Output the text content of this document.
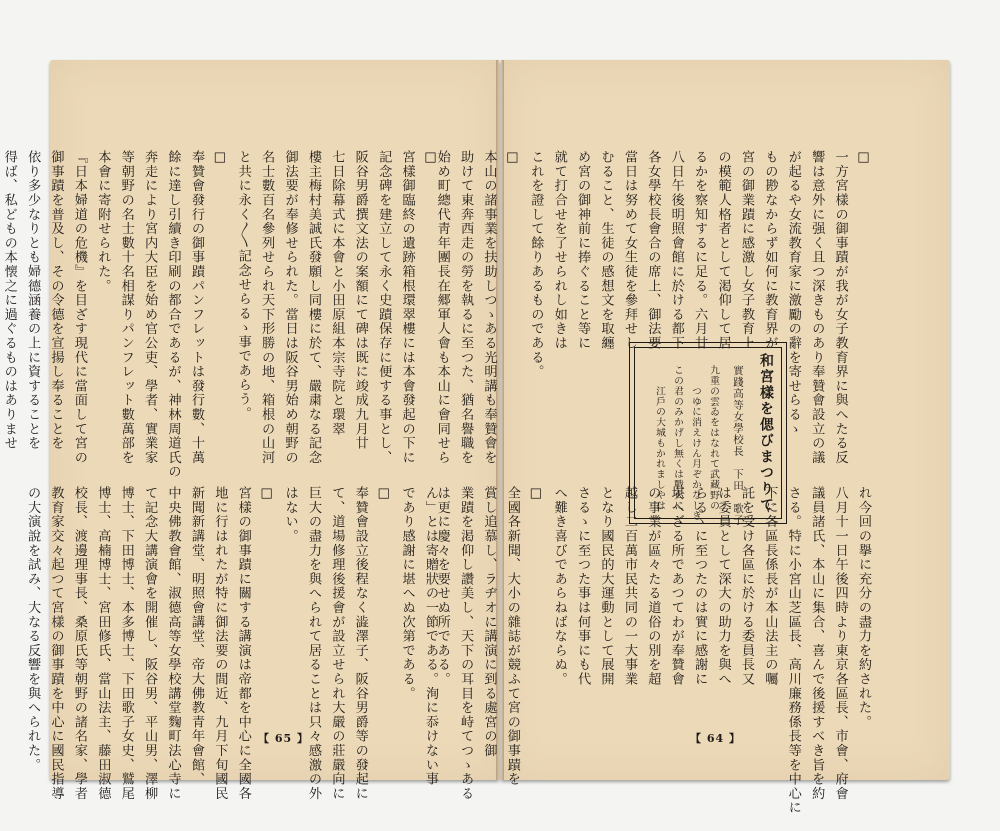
□
宮樣御臨終の遺跡箱根環翠樓には本會發起の下に
記念碑を建立して永く史蹟保存に便する事とし、
阪谷男爵撰文法の案額にて碑は既に竣成九月廿
七日除幕式に本會と小田原組本宗寺院と環翠
樓主梅村美誠氏發願し同樓に於て、嚴粛なる記念
御法要が奉修せられた。當日は阪谷男始め朝野の
名士數百名參列せられ天下形勝の地、箱根の山河
と共に永く〳〵記念せらるゝ事であらう。
□
奉贊會發行の御事蹟パンフレットは發行數、十萬
餘に達し引續き印刷の都合であるが、神林周道氏の
奔走により宮内大臣を始め官公吏、學者、實業家
等朝野の名士數十名相謀りパンフレット數萬部を
本會に寄附せられた。
『日本婦道の危機』を目ざす現代に當面して宮の
御事蹟を普及し、その令德を宣揚し奉ることを
依り多少なりとも婦德涵養の上に資することを
得ば、私どもの本懐之に過ぐるものはありませ
ん」とは寄贈狀の一節である。洵に忝けない事
であり感謝に堪へぬ次第である。
□
奉贊會設立後程なく澁澤子、阪谷男爵等の發起に
て、道場修理後援會が設立せられ大嚴の莊嚴向に
巨大の盡力を與へられて居ることは只々感激の外
はない。
□
宮樣の御事蹟に關する講演は帝都を中心に全國各
地に行はれたが特に御法要の間近、九月下旬國民
新聞新講堂、明照會講堂、帝大佛教青年會館、
中央佛教會館、淑德高等女學校講堂麴町法心寺に
て記念大講演會を開催し、阪谷男、平山男、澤柳
博士、下田博士、本多博士、下田歌子女史、鷲尾
博士、高楠博士、宮田修氏、當山法主、藤田淑德
校長、渡邊理事長、桑原氏等朝野の諸名家、學者
教育家交々起つて宮樣の御事蹟を中心に國民指導
の大演說を試み、大なる反響を與へられた。	【 65 】
□
一方宮樣の御事蹟が我が女子教育界に與へたる反
響は意外に强く且つ深きものあり奉贊會設立の議
が起るや女流教育家に激勵の辭を寄せらるゝ
もの尠なからず如何に教育界が
宮の御業蹟に感激し女子教育上
の模範人格者として渇仰して居
るかを察知するに足る。六月廿
八日午後明照會館に於ける都下
各女學校長會合の席上、御法要
當日は努めて女生徒を參拜せし
むること、生徒の感想文を取纏
め宮の御神前に捧ぐること等に
就て打合せを了せられし如きは
これを證して餘りあるものである。
□
本山の諸事業を扶助しつゝある光明講も奉贊會を
助けて東奔西走の勞を執るに至つた、猶名譽職を
始め町總代靑年團長在郷軍人會も本山に會同せら
れ今回の擧に充分の盡力を約された。
八月十一日午後四時より東京各區長、市會、府會
議員諸氏、本山に集合、喜んで後援すべき旨を約
さる。特に小宮山芝區長、高川廉務係長等を中心に
下に各區長係長が本山法主の囑
託を受け各區に於ける委員長又
は委員として深大の助力を與へ
らるゝに至つたのは實に感謝に
堪へざる所であつてわが奉贊會
の事業が區々たる道俗の別を超
越し二百萬市民共同の一大事業
となり國民的大運動として展開
さるゝに至つた事は何事にも代
へ難き喜びであらねばならぬ。
□
全國各新聞、大小の雜誌が競ふて宮の御事蹟を
賞し追慕し、ラヂオに講演に到る處宮の御
業蹟を渇仰し讚美し、天下の耳目を峙てつゝある
は更に慶々を要せぬ所である。
和宮樣を偲びまつりて
實踐高等女學校長　下田　歌子
九重の雲ゐをはなれて武藏野の
　　つゆに消えけん月ぞかなしき
この君のみかげし無くは戰火に
　　江戶の大城もかれましやは
【 64 】
